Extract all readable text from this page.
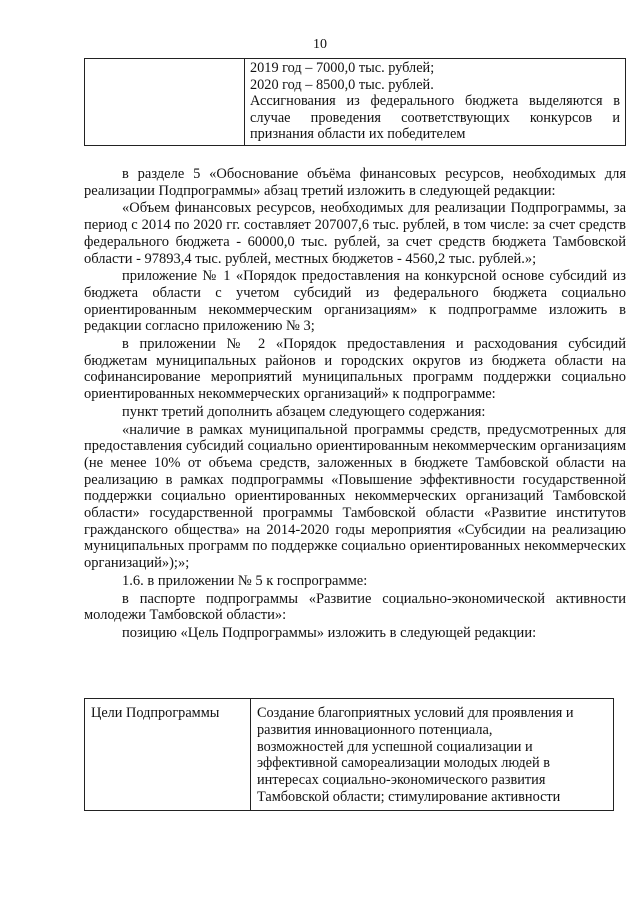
10

2019 год – 7000,0 тыс. рублей;
2020 год – 8500,0 тыс. рублей.
Ассигнования из федерального бюджета выделяются в
случае проведения соответствующих конкурсов и
признания области их победителем

в разделе 5 «Обоснование объёма финансовых ресурсов, необходимых для реализации Подпрограммы» абзац третий изложить в следующей редакции:

«Объем финансовых ресурсов, необходимых для реализации Подпрограммы, за период с 2014 по 2020 гг. составляет 207007,6 тыс. рублей, в том числе: за счет средств федерального бюджета - 60000,0 тыс. рублей, за счет средств бюджета Тамбовской области - 97893,4 тыс. рублей, местных бюджетов - 4560,2 тыс. рублей.»;

приложение № 1 «Порядок предоставления на конкурсной основе субсидий из бюджета области с учетом субсидий из федерального бюджета социально ориентированным некоммерческим организациям» к подпрограмме изложить в редакции согласно приложению № 3;

в приложении № 2 «Порядок предоставления и расходования субсидий бюджетам муниципальных районов и городских округов из бюджета области на софинансирование мероприятий муниципальных программ поддержки социально ориентированных некоммерческих организаций» к подпрограмме:

пункт третий дополнить абзацем следующего содержания:

«наличие в рамках муниципальной программы средств, предусмотренных для предоставления субсидий социально ориентированным некоммерческим организациям (не менее 10% от объема средств, заложенных в бюджете Тамбовской области на реализацию в рамках подпрограммы «Повышение эффективности государственной поддержки социально ориентированных некоммерческих организаций Тамбовской области» государственной программы Тамбовской области «Развитие институтов гражданского общества» на 2014-2020 годы мероприятия «Субсидии на реализацию муниципальных программ по поддержке социально ориентированных некоммерческих организаций»);»;

1.6. в приложении № 5 к госпрограмме:

в паспорте подпрограммы «Развитие социально-экономической активности молодежи Тамбовской области»:

позицию «Цель Подпрограммы» изложить в следующей редакции:

Цели Подпрограммы	Создание благоприятных условий для проявления и
развития инновационного потенциала,
возможностей для успешной социализации и
эффективной самореализации молодых людей в
интересах социально-экономического развития
Тамбовской области; стимулирование активности
